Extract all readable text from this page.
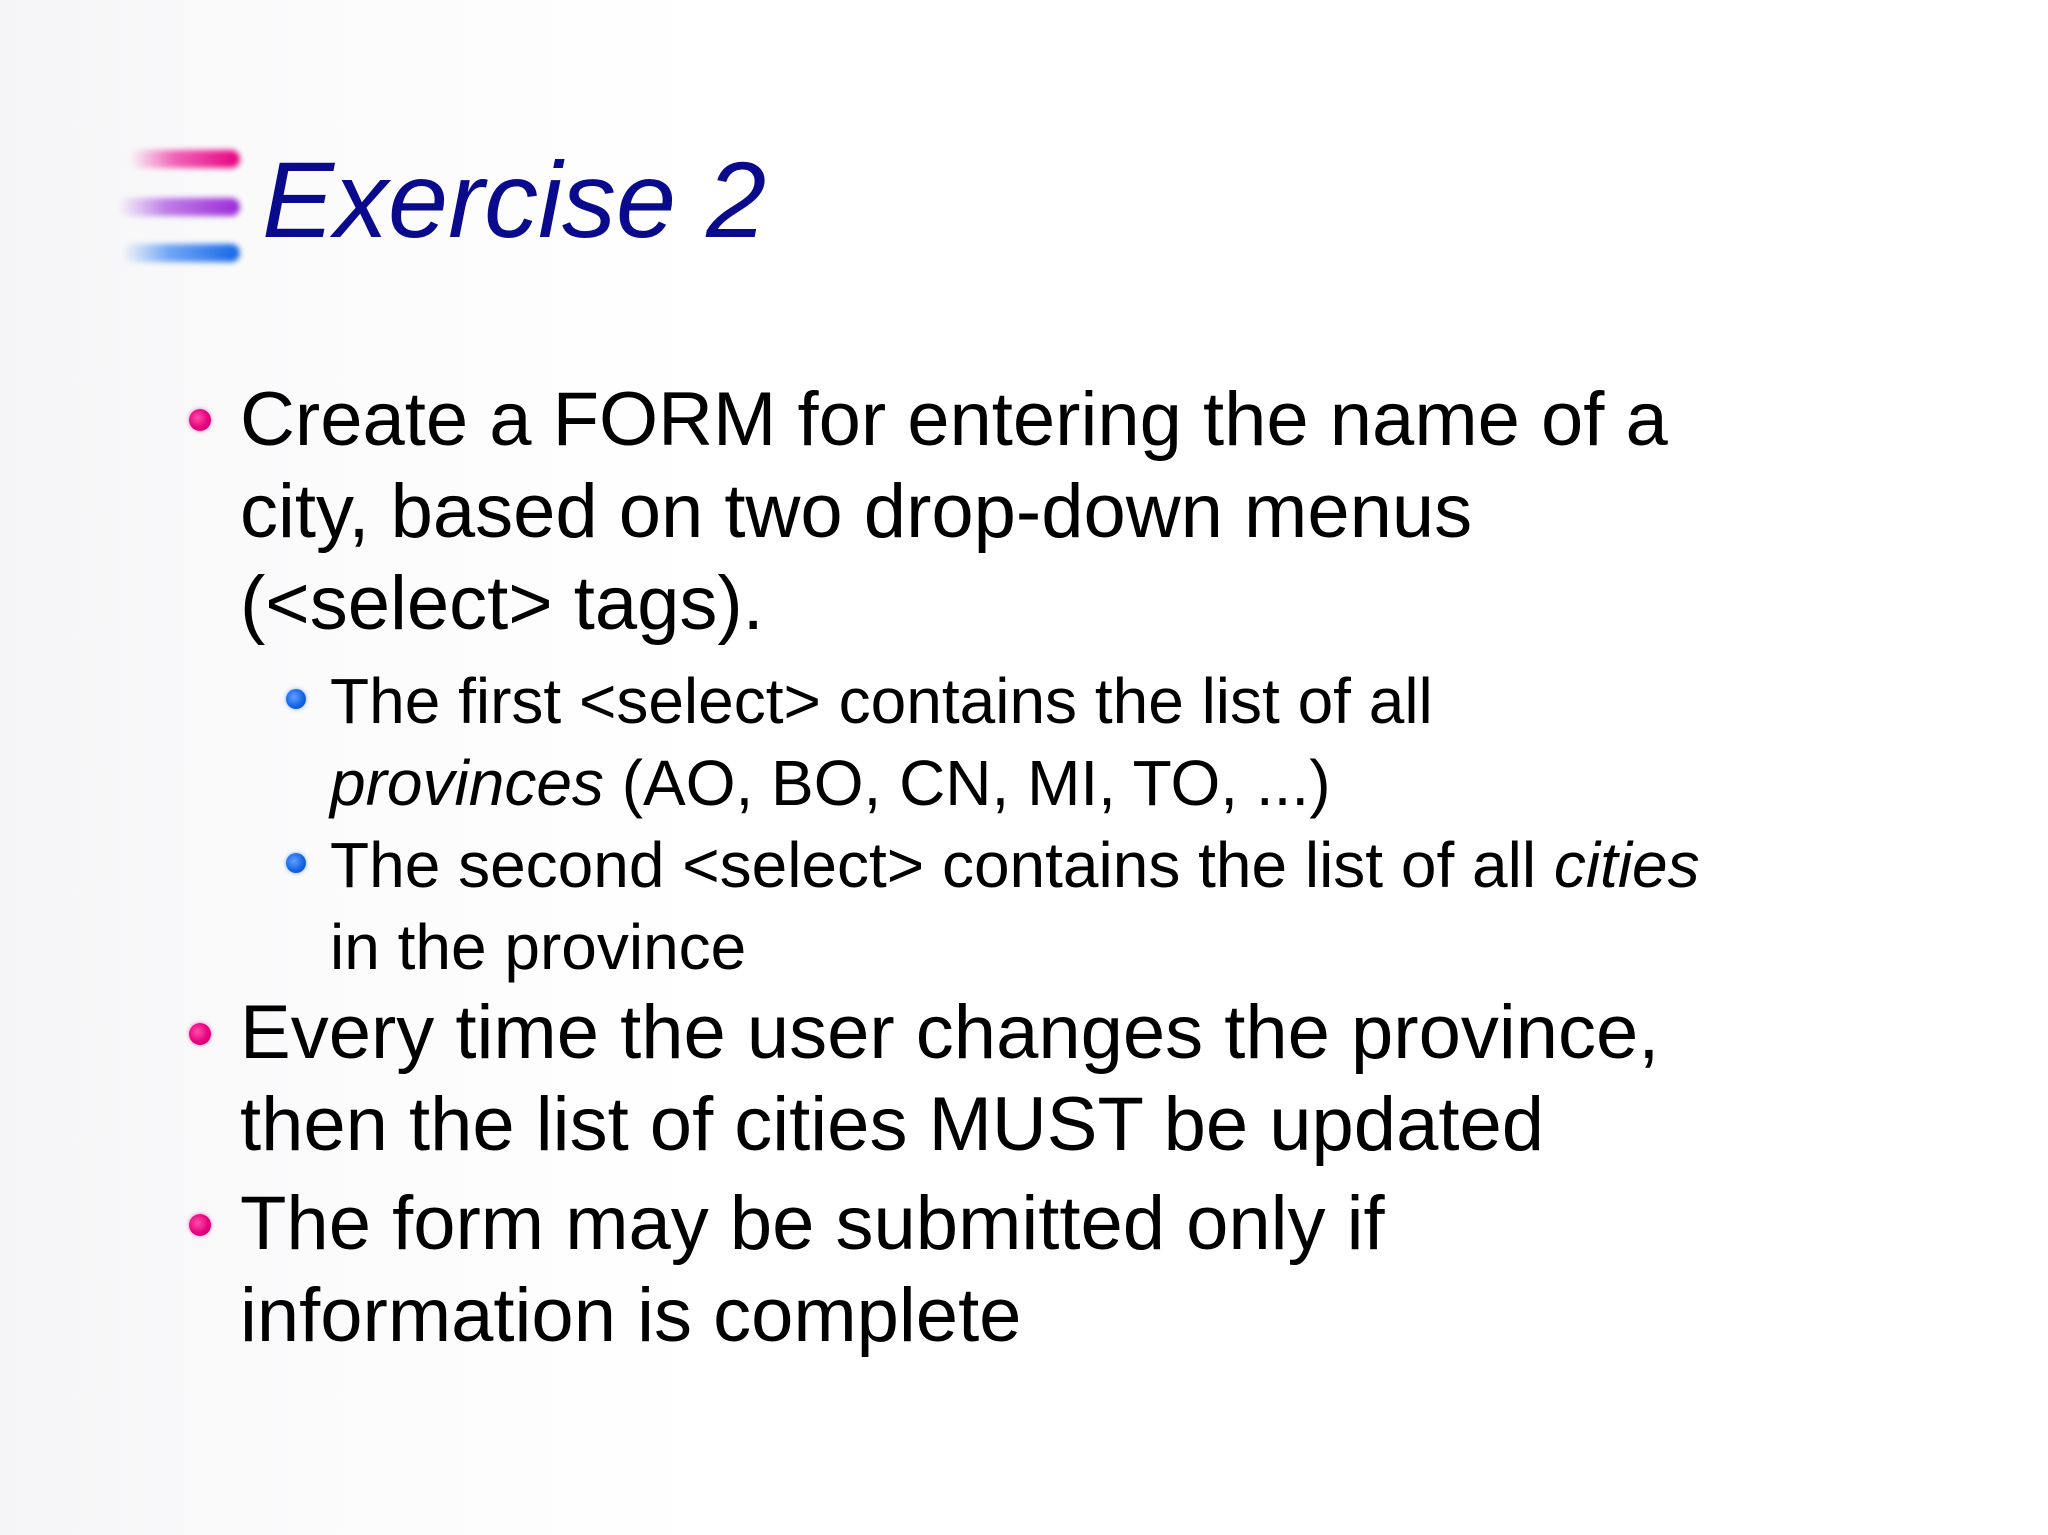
Exercise 2

Create a FORM for entering the name of a
city, based on two drop-down menus
(<select> tags).

The first <select> contains the list of all
provinces (AO, BO, CN, MI, TO, ...)

The second <select> contains the list of all cities
in the province

Every time the user changes the province,
then the list of cities MUST be updated

The form may be submitted only if
information is complete
